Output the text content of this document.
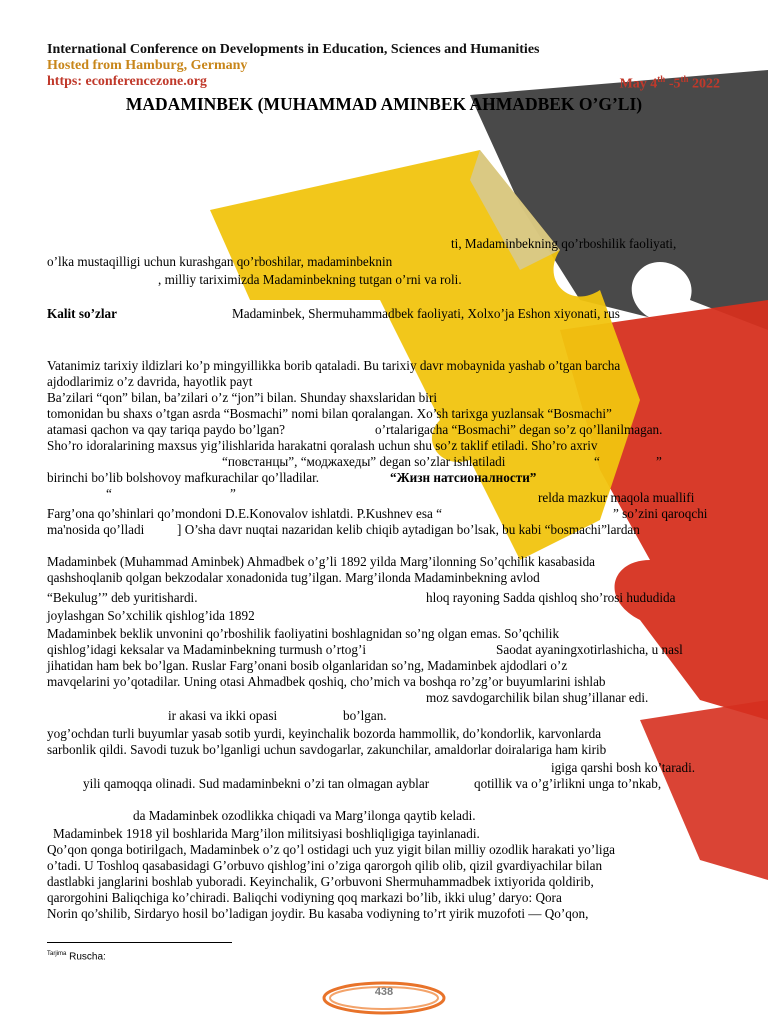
International Conference on Developments in Education, Sciences and Humanities
Hosted from Hamburg, Germany
https: econferencezone.org	May 4th -5th 2022
MADAMINBEK (MUHAMMAD AMINBEK AHMADBEK O’G’LI)
ti, Madaminbekning qo’rboshilik faoliyati,
o’lka mustaqilligi uchun kurashgan qo’rboshilar, madaminbeknin
, milliy tariximizda Madaminbekning tutgan o’rni va roli.
Kalit so’zlar	Madaminbek, Shermuhammadbek faoliyati, Xolxo’ja Eshon xiyonati, rus
Vatanimiz tarixiy ildizlari ko’p mingyillikka borib qataladi. Bu tarixiy davr mobaynida yashab o’tgan barcha
ajdodlarimiz o’z davrida, hayotlik payt
Ba’zilari “qon” bilan, ba’zilari o’z “jon”i bilan. Shunday shaxslaridan biri
tomonidan bu shaxs o’tgan asrda “Bosmachi” nomi bilan qoralangan. Xo’sh tarixga yuzlansak “Bosmachi”
atamasi qachon va qay tariqa paydo bo’lgan?	o’rtalarigacha “Bosmachi” degan so’z qo’llanilmagan.
Sho’ro idoralarining maxsus yig’ilishlarida harakatni qoralash uchun shu so’z taklif etiladi. Sho’ro axriv
“повстанцы”, “моджахеды” degan so’zlar ishlatiladi	“	”
birinchi bo’lib bolshovoy mafkurachilar qo’lladilar.	“Жизн натсионалности”
“	”	relda mazkur maqola muallifi
Farg’ona qo’shinlari qo’mondoni D.E.Konovalov ishlatdi. P.Kushnev esa “	” so’zini qaroqchi
ma'nosida qo’lladi ] O’sha davr nuqtai nazaridan kelib chiqib aytadigan bo’lsak, bu kabi “bosmachi”lardan
Madaminbek (Muhammad Aminbek) Ahmadbek o’g’li 1892 yilda Marg’ilonning So’qchilik kasabasida
qashshoqlanib qolgan bekzodalar xonadonida tug’ilgan. Marg’ilonda Madaminbekning avlod
“Bekulug’” deb yuritishardi.	hloq rayoning Sadda qishloq sho’rosi hududida
joylashgan So’xchilik qishlog’ida 1892
Madaminbek beklik unvonini qo’rboshilik faoliyatini boshlagnidan so’ng olgan emas. So’qchilik
qishlog’idagi keksalar va Madaminbekning turmush o’rtog’i	Saodat ayaningxotirlashicha, u nasl
jihatidan ham bek bo’lgan. Ruslar Farg’onani bosib olganlaridan so’ng, Madaminbek ajdodlari o’z
mavqelarini yo’qotadilar. Uning otasi Ahmadbek qoshiq, cho’mich va boshqa ro’zg’or buyumlarini ishlab
moz savdogarchilik bilan shug’illanar edi.
ir akasi va ikki opasi	bo’lgan.
yog’ochdan turli buyumlar yasab sotib yurdi, keyinchalik bozorda hammollik, do’kondorlik, karvonlarda
sarbonlik qildi. Savodi tuzuk bo’lganligi uchun savdogarlar, zakunchilar, amaldorlar doiralariga ham kirib
igiga qarshi bosh ko’taradi.
yili qamoqqa olinadi. Sud madaminbekni o’zi tan olmagan ayblar	qotillik va o’g’irlikni unga to’nkab,
da Madaminbek ozodlikka chiqadi va Marg’ilonga qaytib keladi.
Madaminbek 1918 yil boshlarida Marg’ilon militsiyasi boshliqligiga tayinlanadi.
Qo’qon qonga botirilgach, Madaminbek o’z qo’l ostidagi uch yuz yigit bilan milliy ozodlik harakati yo’liga
o’tadi. U Toshloq qasabasidagi G’orbuvo qishlog’ini o’ziga qarorgoh qilib olib, qizil gvardiyachilar bilan
dastlabki janglarini boshlab yuboradi. Keyinchalik, G’orbuvoni Shermuhammadbek ixtiyorida qoldirib,
qarorgohini Baliqchiga ko’chiradi. Baliqchi vodiyning qoq markazi bo’lib, ikki ulug’ daryo: Qora
Norin qo’shilib, Sirdaryo hosil bo’ladigan joydir. Bu kasaba vodiyning to’rt yirik muzofoti — Qo’qon,
$^{Tarjima}$ Ruscha:
438
